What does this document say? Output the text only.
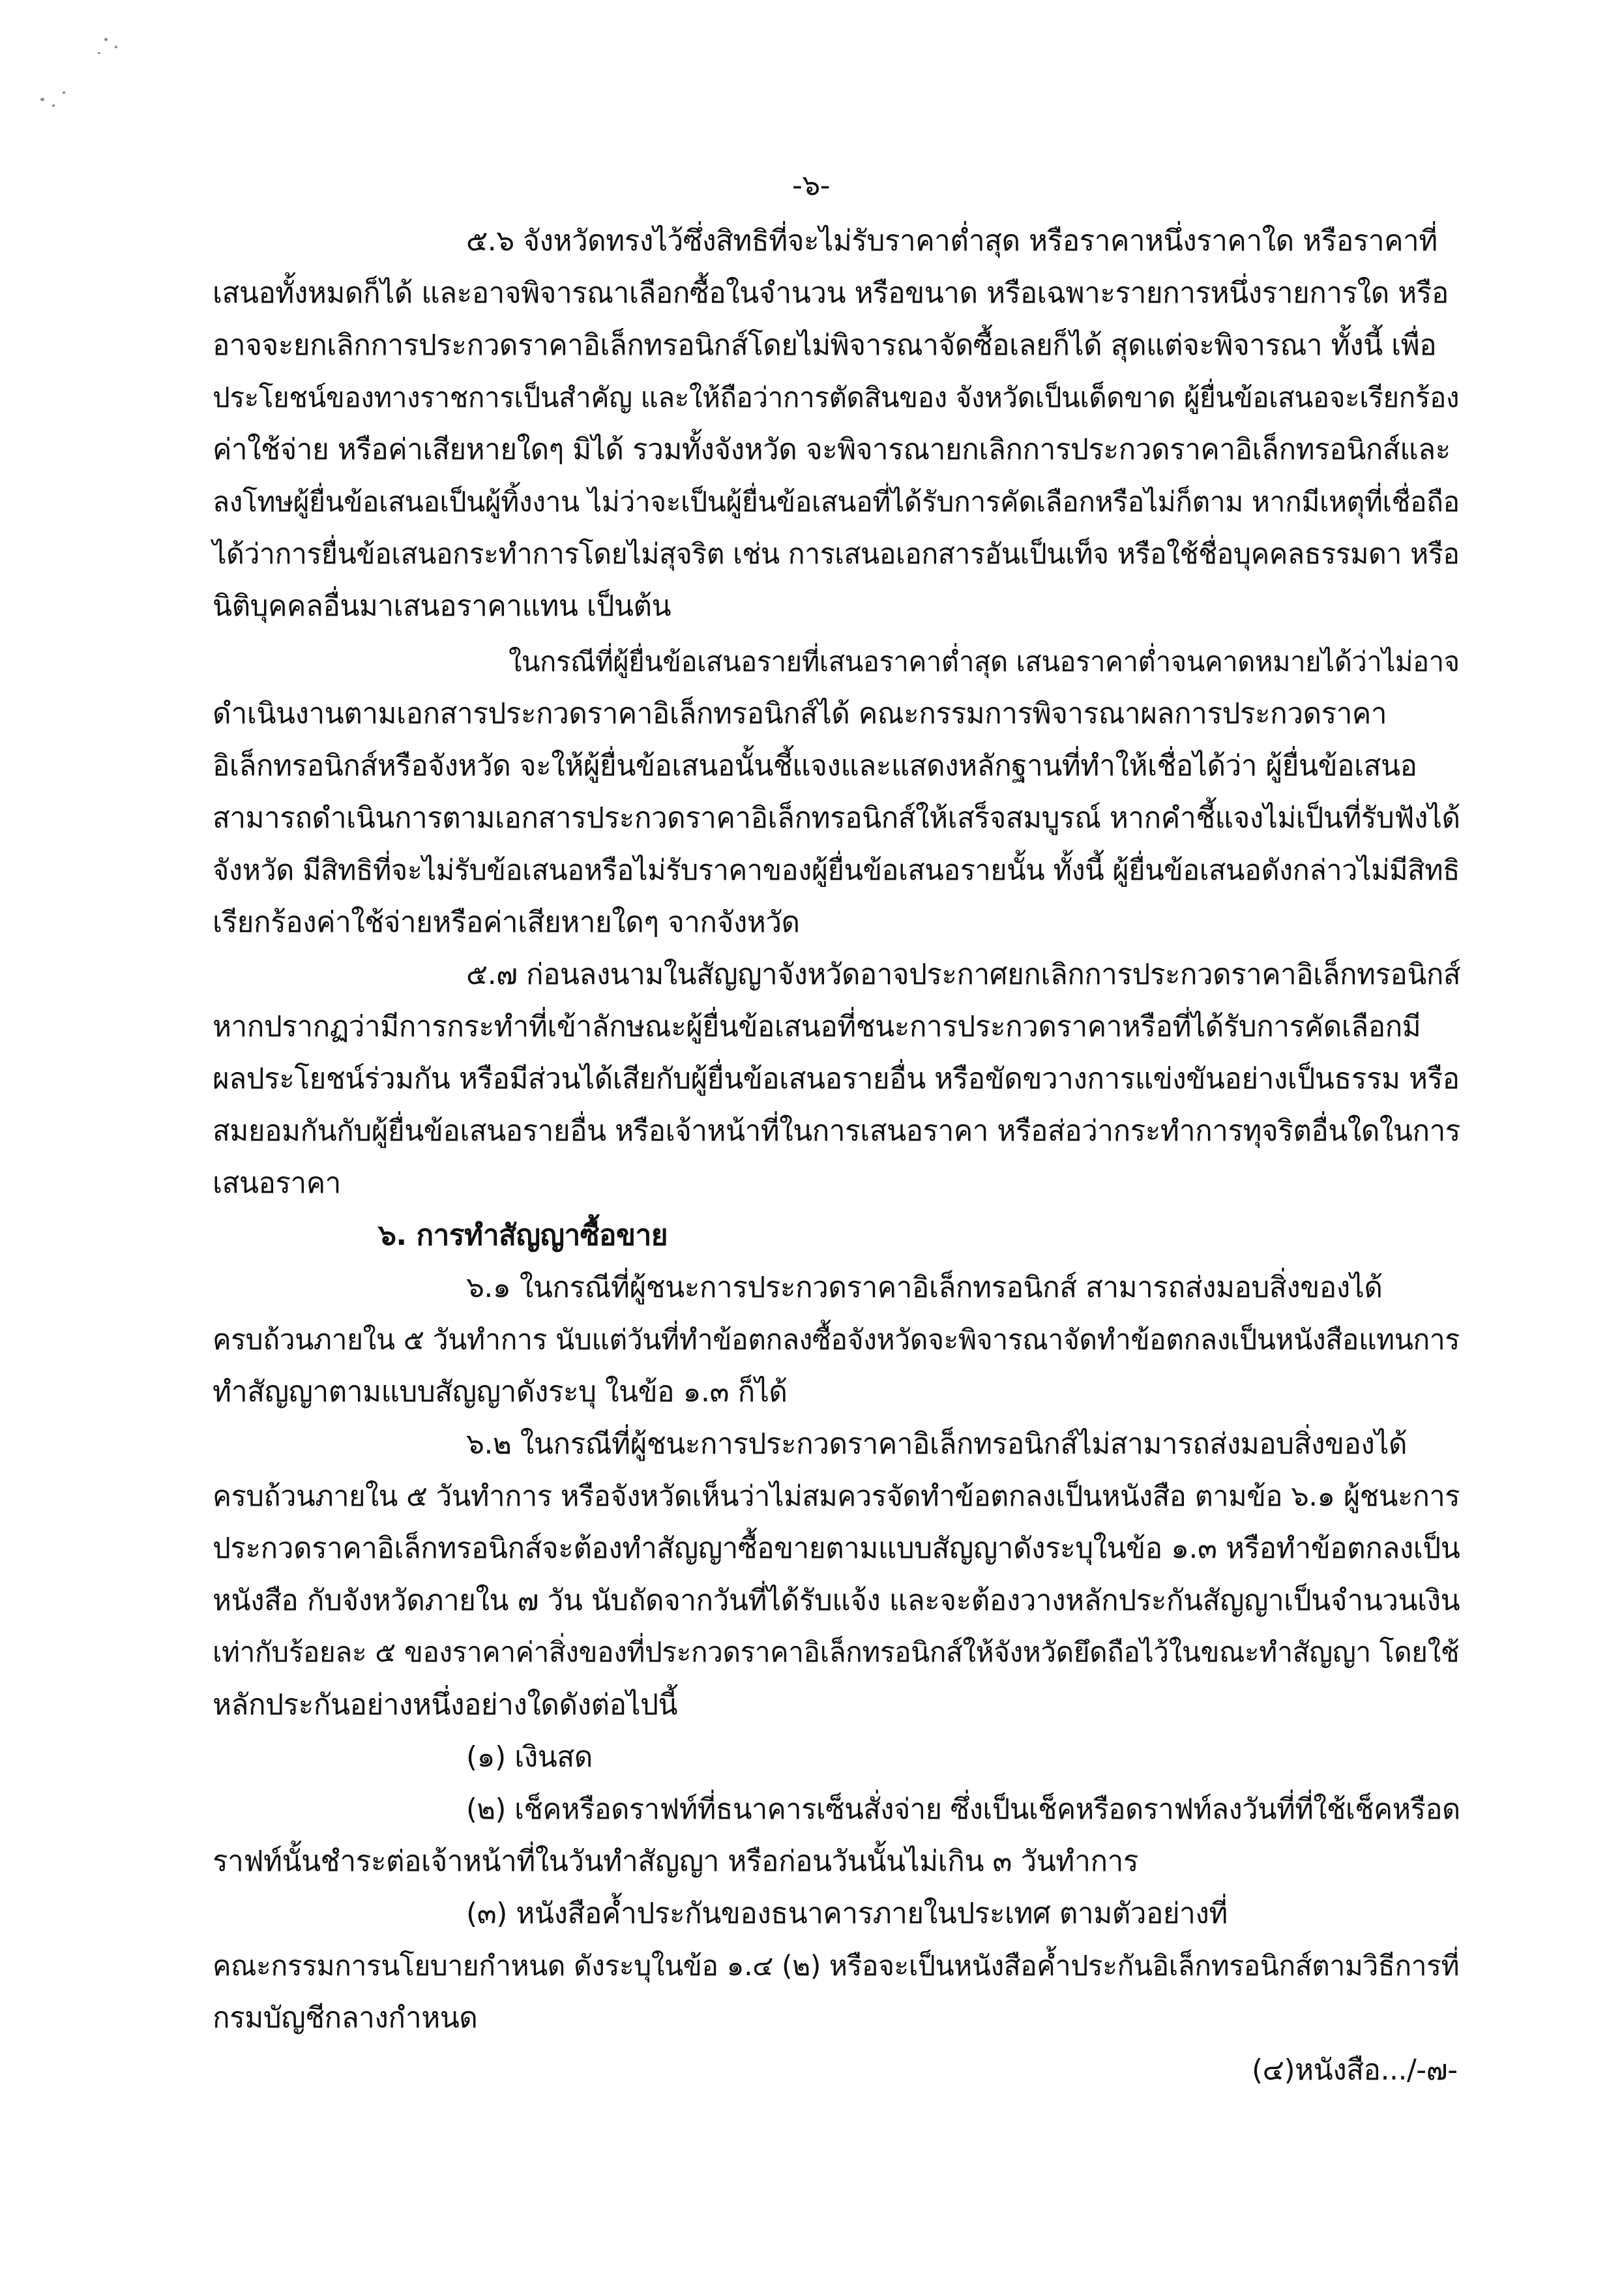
-๖-
๕.๖ จังหวัดทรงไว้ซึ่งสิทธิที่จะไม่รับราคาต่ำสุด หรือราคาหนึ่งราคาใด หรือราคาที่
เสนอทั้งหมดก็ได้ และอาจพิจารณาเลือกซื้อในจำนวน หรือขนาด หรือเฉพาะรายการหนึ่งรายการใด หรือ
อาจจะยกเลิกการประกวดราคาอิเล็กทรอนิกส์โดยไม่พิจารณาจัดซื้อเลยก็ได้ สุดแต่จะพิจารณา ทั้งนี้ เพื่อ
ประโยชน์ของทางราชการเป็นสำคัญ และให้ถือว่าการตัดสินของ จังหวัดเป็นเด็ดขาด ผู้ยื่นข้อเสนอจะเรียกร้อง
ค่าใช้จ่าย หรือค่าเสียหายใดๆ มิได้ รวมทั้งจังหวัด จะพิจารณายกเลิกการประกวดราคาอิเล็กทรอนิกส์และ
ลงโทษผู้ยื่นข้อเสนอเป็นผู้ทิ้งงาน ไม่ว่าจะเป็นผู้ยื่นข้อเสนอที่ได้รับการคัดเลือกหรือไม่ก็ตาม หากมีเหตุที่เชื่อถือ
ได้ว่าการยื่นข้อเสนอกระทำการโดยไม่สุจริต เช่น การเสนอเอกสารอันเป็นเท็จ หรือใช้ชื่อบุคคลธรรมดา หรือ
นิติบุคคลอื่นมาเสนอราคาแทน เป็นต้น
ในกรณีที่ผู้ยื่นข้อเสนอรายที่เสนอราคาต่ำสุด เสนอราคาต่ำจนคาดหมายได้ว่าไม่อาจ
ดำเนินงานตามเอกสารประกวดราคาอิเล็กทรอนิกส์ได้ คณะกรรมการพิจารณาผลการประกวดราคา
อิเล็กทรอนิกส์หรือจังหวัด จะให้ผู้ยื่นข้อเสนอนั้นชี้แจงและแสดงหลักฐานที่ทำให้เชื่อได้ว่า ผู้ยื่นข้อเสนอ
สามารถดำเนินการตามเอกสารประกวดราคาอิเล็กทรอนิกส์ให้เสร็จสมบูรณ์ หากคำชี้แจงไม่เป็นที่รับฟังได้
จังหวัด มีสิทธิที่จะไม่รับข้อเสนอหรือไม่รับราคาของผู้ยื่นข้อเสนอรายนั้น ทั้งนี้ ผู้ยื่นข้อเสนอดังกล่าวไม่มีสิทธิ
เรียกร้องค่าใช้จ่ายหรือค่าเสียหายใดๆ จากจังหวัด
๕.๗ ก่อนลงนามในสัญญาจังหวัดอาจประกาศยกเลิกการประกวดราคาอิเล็กทรอนิกส์
หากปรากฏว่ามีการกระทำที่เข้าลักษณะผู้ยื่นข้อเสนอที่ชนะการประกวดราคาหรือที่ได้รับการคัดเลือกมี
ผลประโยชน์ร่วมกัน หรือมีส่วนได้เสียกับผู้ยื่นข้อเสนอรายอื่น หรือขัดขวางการแข่งขันอย่างเป็นธรรม หรือ
สมยอมกันกับผู้ยื่นข้อเสนอรายอื่น หรือเจ้าหน้าที่ในการเสนอราคา หรือส่อว่ากระทำการทุจริตอื่นใดในการ
เสนอราคา
๖. การทำสัญญาซื้อขาย
๖.๑ ในกรณีที่ผู้ชนะการประกวดราคาอิเล็กทรอนิกส์ สามารถส่งมอบสิ่งของได้
ครบถ้วนภายใน ๕ วันทำการ นับแต่วันที่ทำข้อตกลงซื้อจังหวัดจะพิจารณาจัดทำข้อตกลงเป็นหนังสือแทนการ
ทำสัญญาตามแบบสัญญาดังระบุ ในข้อ ๑.๓ ก็ได้
๖.๒ ในกรณีที่ผู้ชนะการประกวดราคาอิเล็กทรอนิกส์ไม่สามารถส่งมอบสิ่งของได้
ครบถ้วนภายใน ๕ วันทำการ หรือจังหวัดเห็นว่าไม่สมควรจัดทำข้อตกลงเป็นหนังสือ ตามข้อ ๖.๑ ผู้ชนะการ
ประกวดราคาอิเล็กทรอนิกส์จะต้องทำสัญญาซื้อขายตามแบบสัญญาดังระบุในข้อ ๑.๓ หรือทำข้อตกลงเป็น
หนังสือ กับจังหวัดภายใน ๗ วัน นับถัดจากวันที่ได้รับแจ้ง และจะต้องวางหลักประกันสัญญาเป็นจำนวนเงิน
เท่ากับร้อยละ ๕ ของราคาค่าสิ่งของที่ประกวดราคาอิเล็กทรอนิกส์ให้จังหวัดยึดถือไว้ในขณะทำสัญญา โดยใช้
หลักประกันอย่างหนึ่งอย่างใดดังต่อไปนี้
(๑) เงินสด
(๒) เช็คหรือดราฟท์ที่ธนาคารเซ็นสั่งจ่าย ซึ่งเป็นเช็คหรือดราฟท์ลงวันที่ที่ใช้เช็คหรือด
ราฟท์นั้นชำระต่อเจ้าหน้าที่ในวันทำสัญญา หรือก่อนวันนั้นไม่เกิน ๓ วันทำการ
(๓) หนังสือค้ำประกันของธนาคารภายในประเทศ ตามตัวอย่างที่
คณะกรรมการนโยบายกำหนด ดังระบุในข้อ ๑.๔ (๒) หรือจะเป็นหนังสือค้ำประกันอิเล็กทรอนิกส์ตามวิธีการที่
กรมบัญชีกลางกำหนด
(๔)หนังสือ.../-๗-
